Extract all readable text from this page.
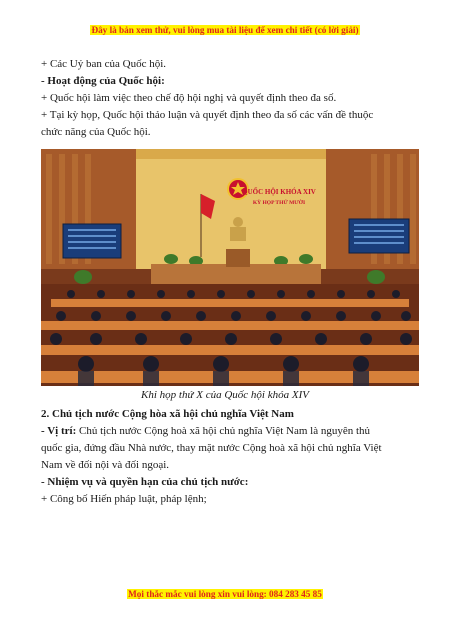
Đây là bản xem thử, vui lòng mua tài liệu để xem chi tiết (có lời giải)

+ Các Uỷ ban của Quốc hội.

- Hoạt động của Quốc hội:

+ Quốc hội làm việc theo chế độ hội nghị và quyết định theo đa số.

+ Tại kỳ họp, Quốc hội thảo luận và quyết định theo đa số các vấn đề thuộc

chức năng của Quốc hội.

QUỐC HỘI KHÓA XIV
KỲ HỌP THỨ MƯỜI
Khi họp thứ X của Quốc hội khóa XIV

2. Chủ tịch nước Cộng hòa xã hội chủ nghĩa Việt Nam

- Vị trí: Chủ tịch nước Cộng hoà xã hội chủ nghĩa Việt Nam là nguyên thủ

quốc gia, đứng đầu Nhà nước, thay mặt nước Cộng hoà xã hội chủ nghĩa Việt

Nam về đối nội và đối ngoại.

- Nhiệm vụ và quyền hạn của chủ tịch nước:

+ Công bố Hiến pháp luật, pháp lệnh;

Mọi thắc mắc vui lòng xin vui lòng: 084 283 45 85
